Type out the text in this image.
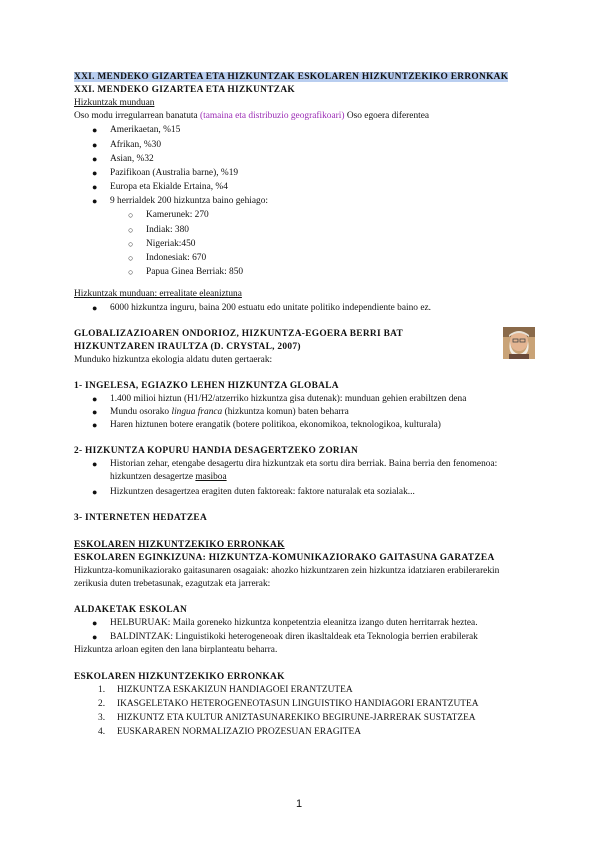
XXI. MENDEKO GIZARTEA ETA HIZKUNTZAK ESKOLAREN HIZKUNTZEKIKO ERRONKAK
XXI. MENDEKO GIZARTEA ETA HIZKUNTZAK
Hizkuntzak munduan
Oso modu irregularrean banatuta (tamaina eta distribuzio geografikoari) Oso egoera diferentea
● Amerikaetan, %15
● Afrikan, %30
● Asian, %32
● Pazifikoan (Australia barne), %19
● Europa eta Ekialde Ertaina, %4
● 9 herrialdek 200 hizkuntza baino gehiago:
○ Kamerunek: 270
○ Indiak: 380
○ Nigeriak:450
○ Indonesiak: 670
○ Papua Ginea Berriak: 850
Hizkuntzak munduan: errealitate eleaniztuna
● 6000 hizkuntza inguru, baina 200 estuatu edo unitate politiko independiente baino ez.
GLOBALIZAZIOAREN ONDORIOZ, HIZKUNTZA-EGOERA BERRI BAT
HIZKUNTZAREN IRAULTZA (D. CRYSTAL, 2007)
Munduko hizkuntza ekologia aldatu duten gertaerak:
1- INGELESA, EGIAZKO LEHEN HIZKUNTZA GLOBALA
● 1.400 milioi hiztun (H1/H2/atzerriko hizkuntza gisa dutenak): munduan gehien erabiltzen dena
● Mundu osorako lingua franca (hizkuntza komun) baten beharra
● Haren hiztunen botere erangatik (botere politikoa, ekonomikoa, teknologikoa, kulturala)
2- HIZKUNTZA KOPURU HANDIA DESAGERTZEKO ZORIAN
● Historian zehar, etengabe desagertu dira hizkuntzak eta sortu dira berriak. Baina berria den fenomenoa:
hizkuntzen desagertze masiboa
● Hizkuntzen desagertzea eragiten duten faktoreak: faktore naturalak eta sozialak...
3- INTERNETEN HEDATZEA
ESKOLAREN HIZKUNTZEKIKO ERRONKAK
ESKOLAREN EGINKIZUNA: HIZKUNTZA-KOMUNIKAZIORAKO GAITASUNA GARATZEA
Hizkuntza-komunikaziorako gaitasunaren osagaiak: ahozko hizkuntzaren zein hizkuntza idatziaren erabilerarekin
zerikusia duten trebetasunak, ezagutzak eta jarrerak:
ALDAKETAK ESKOLAN
● HELBURUAK: Maila goreneko hizkuntza konpetentzia eleanitza izango duten herritarrak heztea.
● BALDINTZAK: Linguistikoki heterogeneoak diren ikasltaldeak eta Teknologia berrien erabilerak
Hizkuntza arloan egiten den lana birplanteatu beharra.
ESKOLAREN HIZKUNTZEKIKO ERRONKAK
1. HIZKUNTZA ESKAKIZUN HANDIAGOEI ERANTZUTEA
2. IKASGELETAKO HETEROGENEOTASUN LINGUISTIKO HANDIAGORI ERANTZUTEA
3. HIZKUNTZ ETA KULTUR ANIZTASUNAREKIKO BEGIRUNE-JARRERAK SUSTATZEA
4. EUSKARAREN NORMALIZAZIO PROZESUAN ERAGITEA
1
